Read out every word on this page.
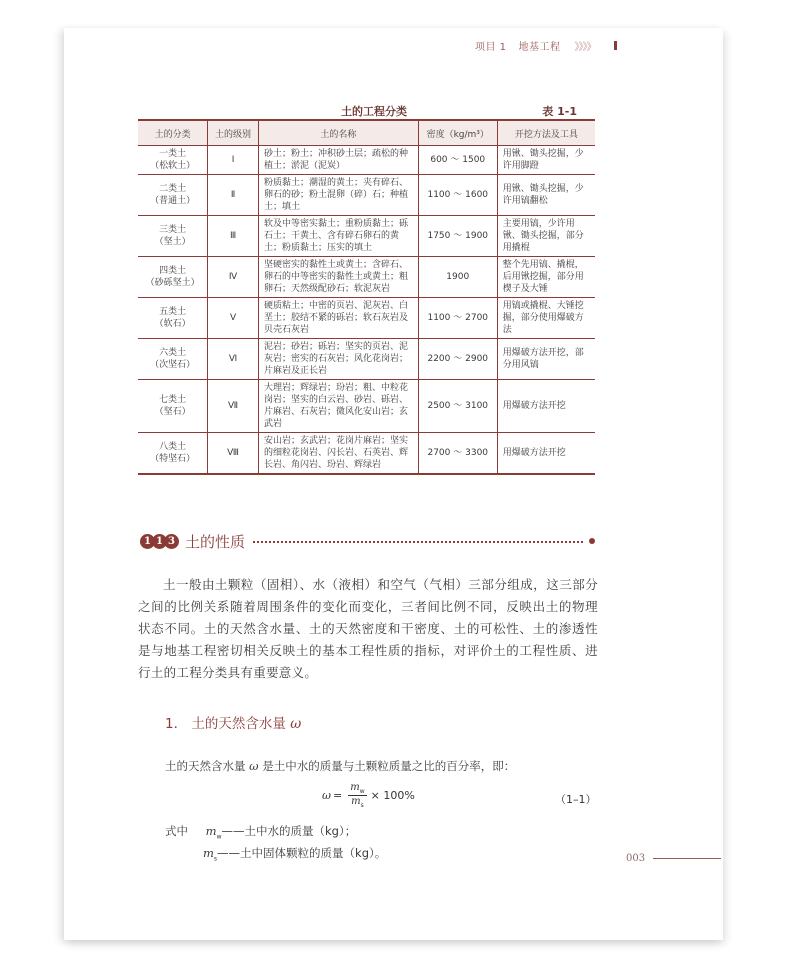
项目 1 地基工程 》》》》
土的工程分类	表 1-1
土的分类	土的级别	土的名称	密度（kg/m³）	开挖方法及工具

一类土
（松软土）	Ⅰ	砂土；粉土；冲积砂土层；疏松的种植土；淤泥（泥炭）	600 ～ 1500	用锹、锄头挖掘，少许用脚蹬

二类土
（普通土）	Ⅱ	粉质黏土；潮湿的黄土；夹有碎石、卵石的砂；粉土混卵（碎）石；种植土；填土	1100 ～ 1600	用锹、锄头挖掘，少许用镐翻松

三类土
（坚土）	Ⅲ	软及中等密实黏土；重粉质黏土；砾石土；干黄土、含有碎石卵石的黄土；粉质黏土；压实的填土	1750 ～ 1900	主要用镐，少许用锹、锄头挖掘，部分用撬棍

四类土
（砂砾坚土）	Ⅳ	坚硬密实的黏性土或黄土；含碎石、卵石的中等密实的黏性土或黄土；粗卵石；天然级配砂石；软泥灰岩	1900	整个先用镐、撬棍，后用锹挖掘，部分用楔子及大锤

五类土
（软石）	Ⅴ	硬质粘土；中密的页岩、泥灰岩、白垩土；胶结不紧的砾岩；软石灰岩及贝壳石灰岩	1100 ～ 2700	用镐或撬棍、大锤挖掘，部分使用爆破方法

六类土
（次坚石）	Ⅵ	泥岩；砂岩；砾岩；坚实的页岩、泥灰岩；密实的石灰岩；风化花岗岩；片麻岩及正长岩	2200 ～ 2900	用爆破方法开挖，部分用风镐

七类土
（坚石）	Ⅶ	大理岩；辉绿岩；玢岩；粗、中粒花岗岩；坚实的白云岩、砂岩、砾岩、片麻岩、石灰岩；微风化安山岩；玄武岩	2500 ～ 3100	用爆破方法开挖

八类土
（特坚石）	Ⅷ	安山岩；玄武岩；花岗片麻岩；坚实的细粒花岗岩、闪长岩、石英岩、辉长岩、角闪岩、玢岩、辉绿岩	2700 ～ 3300	用爆破方法开挖
1 1 3 土的性质
土一般由土颗粒（固相）、水（液相）和空气（气相）三部分组成，这三部分之间的比例关系随着周围条件的变化而变化，三者间比例不同，反映出土的物理状态不同。土的天然含水量、土的天然密度和干密度、土的可松性、土的渗透性是与地基工程密切相关反映土的基本工程性质的指标，对评价土的工程性质、进行土的工程分类具有重要意义。
1． 土的天然含水量 ω
土的天然含水量 ω 是土中水的质量与土颗粒质量之比的百分率，即：
$\omega = \frac{m_w}{m_s} \times 100\%$	（1–1）
式中 $m_w——$土中水的质量（kg）；
$m_s——$土中固体颗粒的质量（kg）。	003
